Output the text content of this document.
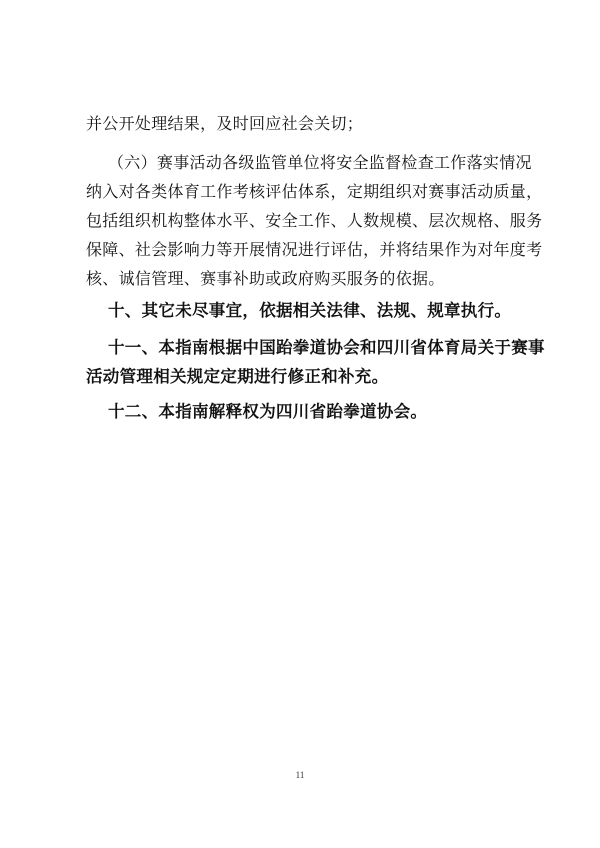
并公开处理结果，及时回应社会关切；

（六）赛事活动各级监管单位将安全监督检查工作落实情况
纳入对各类体育工作考核评估体系，定期组织对赛事活动质量，
包括组织机构整体水平、安全工作、人数规模、层次规格、服务
保障、社会影响力等开展情况进行评估，并将结果作为对年度考
核、诚信管理、赛事补助或政府购买服务的依据。

十、其它未尽事宜，依据相关法律、法规、规章执行。

十一、本指南根据中国跆拳道协会和四川省体育局关于赛事
活动管理相关规定定期进行修正和补充。

十二、本指南解释权为四川省跆拳道协会。

11
